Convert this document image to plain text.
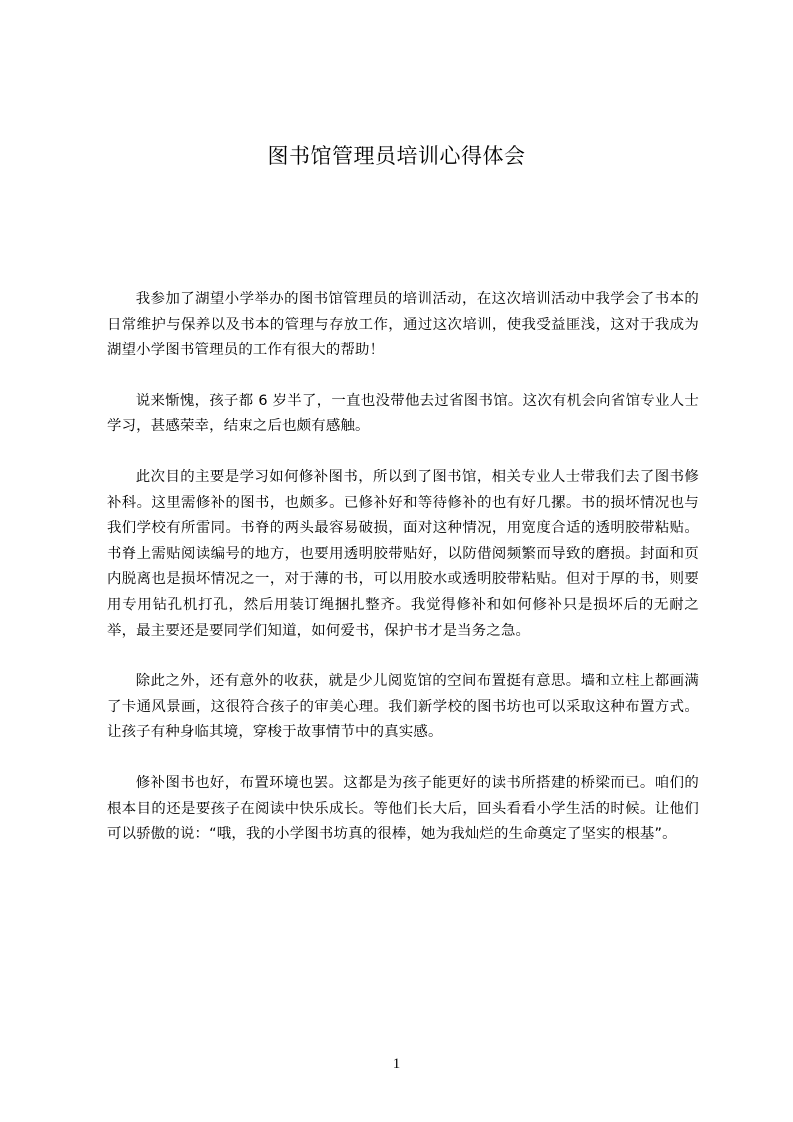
图书馆管理员培训心得体会

我参加了湖望小学举办的图书馆管理员的培训活动，在这次培训活动中我学会了书本的日常维护与保养以及书本的管理与存放工作，通过这次培训，使我受益匪浅，这对于我成为湖望小学图书管理员的工作有很大的帮助！

说来惭愧，孩子都 6 岁半了，一直也没带他去过省图书馆。这次有机会向省馆专业人士学习，甚感荣幸，结束之后也颇有感触。

此次目的主要是学习如何修补图书，所以到了图书馆，相关专业人士带我们去了图书修补科。这里需修补的图书，也颇多。已修补好和等待修补的也有好几摞。书的损坏情况也与我们学校有所雷同。书脊的两头最容易破损，面对这种情况，用宽度合适的透明胶带粘贴。书脊上需贴阅读编号的地方，也要用透明胶带贴好，以防借阅频繁而导致的磨损。封面和页内脱离也是损坏情况之一，对于薄的书，可以用胶水或透明胶带粘贴。但对于厚的书，则要用专用钻孔机打孔，然后用装订绳捆扎整齐。我觉得修补和如何修补只是损坏后的无耐之举，最主要还是要同学们知道，如何爱书，保护书才是当务之急。

除此之外，还有意外的收获，就是少儿阅览馆的空间布置挺有意思。墙和立柱上都画满了卡通风景画，这很符合孩子的审美心理。我们新学校的图书坊也可以采取这种布置方式。让孩子有种身临其境，穿梭于故事情节中的真实感。

修补图书也好，布置环境也罢。这都是为孩子能更好的读书所搭建的桥梁而已。咱们的根本目的还是要孩子在阅读中快乐成长。等他们长大后，回头看看小学生活的时候。让他们可以骄傲的说：“哦，我的小学图书坊真的很棒，她为我灿烂的生命奠定了坚实的根基”。

1
